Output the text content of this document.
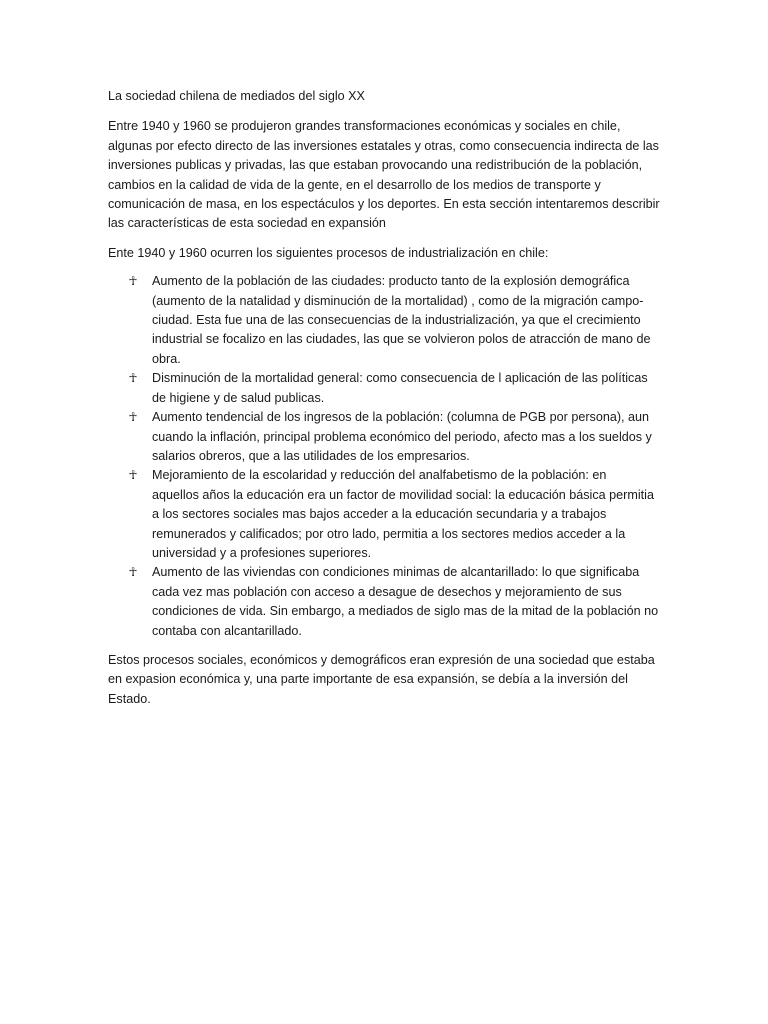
La sociedad chilena de mediados del siglo XX

Entre 1940 y 1960 se produjeron grandes transformaciones económicas y sociales en chile,
algunas por efecto directo de las inversiones estatales y otras, como consecuencia indirecta de las
inversiones publicas y privadas, las que estaban provocando una redistribución de la población,
cambios en la calidad de vida de la gente, en el desarrollo de los medios de transporte y
comunicación de masa, en los espectáculos y los deportes. En esta sección intentaremos describir
las características de esta sociedad en expansión

Ente 1940 y 1960 ocurren los siguientes procesos de industrialización en chile:

☥ Aumento de la población de las ciudades: producto tanto de la explosión demográfica
(aumento de la natalidad y disminución de la mortalidad) , como de la migración campo-
ciudad. Esta fue una de las consecuencias de la industrialización, ya que el crecimiento
industrial se focalizo en las ciudades, las que se volvieron polos de atracción de mano de
obra.
☥ Disminución de la mortalidad general: como consecuencia de l aplicación de las políticas
de higiene y de salud publicas.
☥ Aumento tendencial de los ingresos de la población: (columna de PGB por persona), aun
cuando la inflación, principal problema económico del periodo, afecto mas a los sueldos y
salarios obreros, que a las utilidades de los empresarios.
☥ Mejoramiento de la escolaridad y reducción del analfabetismo de la población: en
aquellos años la educación era un factor de movilidad social: la educación básica permitia
a los sectores sociales mas bajos acceder a la educación secundaria y a trabajos
remunerados y calificados; por otro lado, permitia a los sectores medios acceder a la
universidad y a profesiones superiores.
☥ Aumento de las viviendas con condiciones minimas de alcantarillado: lo que significaba
cada vez mas población con acceso a desague de desechos y mejoramiento de sus
condiciones de vida. Sin embargo, a mediados de siglo mas de la mitad de la población no
contaba con alcantarillado.

Estos procesos sociales, económicos y demográficos eran expresión de una sociedad que estaba
en expasion económica y, una parte importante de esa expansión, se debía a la inversión del
Estado.
